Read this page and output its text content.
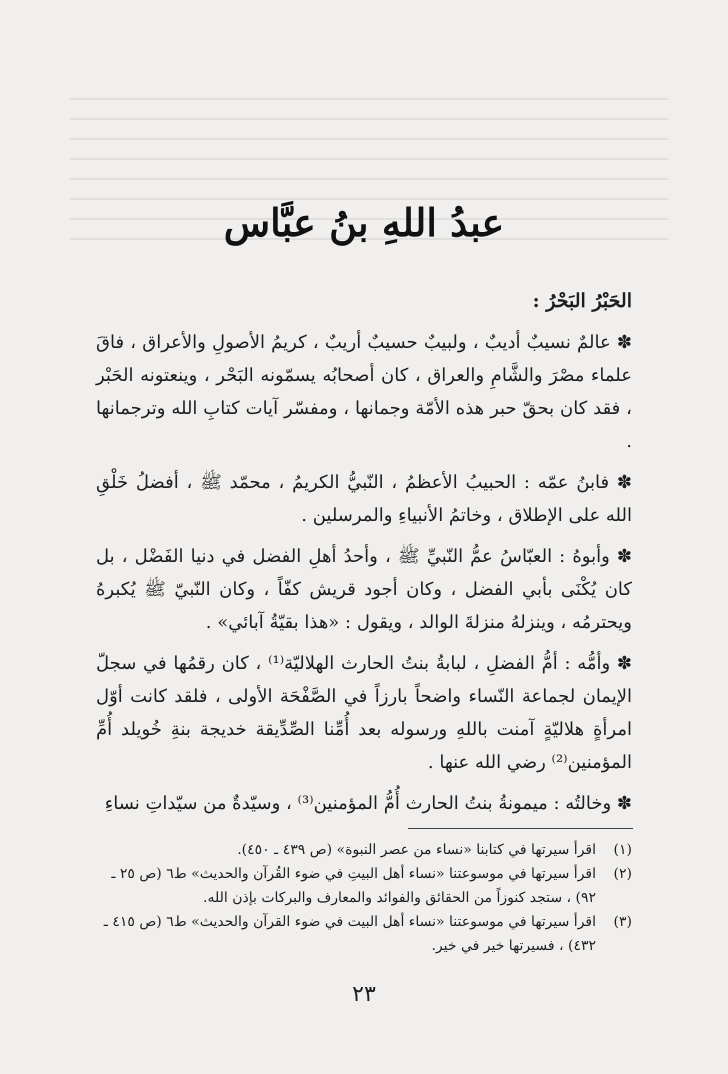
عبدُ اللهِ بنُ عبَّاس

الحَبْرُ البَحْرُ :

✽ عالمٌ نسيبٌ أديبٌ ، ولبيبٌ حسيبٌ أريبٌ ، كريمُ الأصولِ والأعراق ، فاقَ علماء مصْرَ والشَّامِ والعراق ، كان أصحابُه يسمّونه البَحْر ، وينعتونه الحَبْر ، فقد كان بحقّ حبر هذه الأمّة وجمانها ، ومفسّر آيات كتابِ الله وترجمانها .

✽ فابنُ عمّه : الحبيبُ الأعظمُ ، النّبيُّ الكريمُ ، محمّد ﷺ ، أفضلُ خَلْقِ الله على الإطلاق ، وخاتمُ الأنبياءِ والمرسلين .

✽ وأبوهُ : العبّاسُ عمُّ النّبيِّ ﷺ ، وأحدُ أهلِ الفضل في دنيا الفَضْل ، بل كان يُكْنَى بأبي الفضل ، وكان أجود قريش كفّاً ، وكان النّبيّ ﷺ يُكبرهُ ويحترمُه ، وينزلهُ منزلةَ الوالد ، ويقول : «هذا بقيّةُ آبائي» .

✽ وأمُّه : أمُّ الفضلِ ، لبابةُ بنتُ الحارث الهلاليّة⁽¹⁾ ، كان رقمُها في سجلّ الإيمان لجماعة النّساء واضحاً بارزاً في الصَّفْحَة الأولى ، فلقد كانت أوّل امرأةٍ هلاليّةٍ آمنت باللهِ ورسوله بعد أُمِّنا الصِّدِّيقة خديجة بنةِ خُويلد أُمِّ المؤمنين⁽²⁾ رضي الله عنها .

✽ وخالتُه : ميمونةُ بنتُ الحارث أُمُّ المؤمنين⁽³⁾ ، وسيّدةٌ من سيّداتِ نساءِ

(١)
اقرأ سيرتها في كتابنا «نساء من عصر النبوة» (ص ٤٣٩ ـ ٤٥٠).
(٢)
اقرأ سيرتها في موسوعتنا «نساء أهل البيتِ في ضوء القُرآن والحديث» ط٦ (ص ٢٥ ـ ٩٢) ، ستجد كنوزاً من الحقائق والفوائد والمعارف والبركات بإذن الله.
(٣)
اقرأ سيرتها في موسوعتنا «نساء أهل البيت في ضوء القرآن والحديث» ط٦ (ص ٤١٥ ـ ٤٣٢) ، فسيرتها خير في خير.
٢٣
